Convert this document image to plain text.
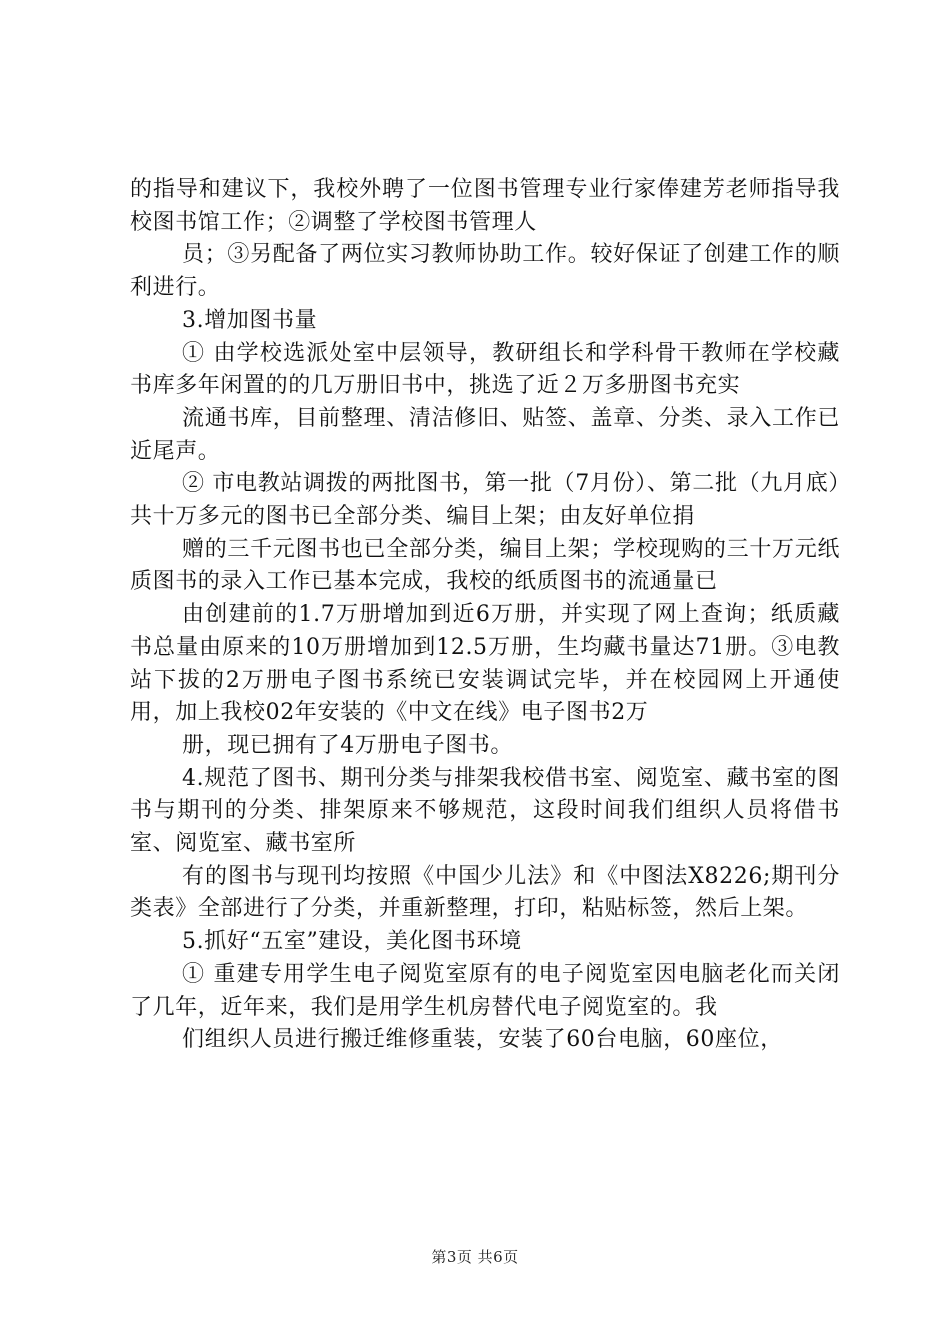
的指导和建议下，我校外聘了一位图书管理专业行家俸建芳老师指导我校图书馆工作；②调整了学校图书管理人

员；③另配备了两位实习教师协助工作。较好保证了创建工作的顺利进行。

3.增加图书量

① 由学校选派处室中层领导，教研组长和学科骨干教师在学校藏书库多年闲置的的几万册旧书中，挑选了近２万多册图书充实

流通书库，目前整理、清洁修旧、贴签、盖章、分类、录入工作已近尾声。

② 市电教站调拨的两批图书，第一批（7月份）、第二批（九月底）共十万多元的图书已全部分类、编目上架；由友好单位捐

赠的三千元图书也已全部分类，编目上架；学校现购的三十万元纸质图书的录入工作已基本完成，我校的纸质图书的流通量已

由创建前的1.7万册增加到近6万册，并实现了网上查询；纸质藏书总量由原来的10万册增加到12.5万册，生均藏书量达71册。③电教站下拔的2万册电子图书系统已安装调试完毕，并在校园网上开通使用，加上我校02年安装的《中文在线》电子图书2万

册，现已拥有了4万册电子图书。

4.规范了图书、期刊分类与排架我校借书室、阅览室、藏书室的图书与期刊的分类、排架原来不够规范，这段时间我们组织人员将借书室、阅览室、藏书室所

有的图书与现刊均按照《中国少儿法》和《中图法X8226;期刊分类表》全部进行了分类，并重新整理，打印，粘贴标签，然后上架。

5.抓好“五室”建设，美化图书环境

① 重建专用学生电子阅览室原有的电子阅览室因电脑老化而关闭了几年，近年来，我们是用学生机房替代电子阅览室的。我

们组织人员进行搬迁维修重装，安装了60台电脑，60座位，

第3页 共6页
